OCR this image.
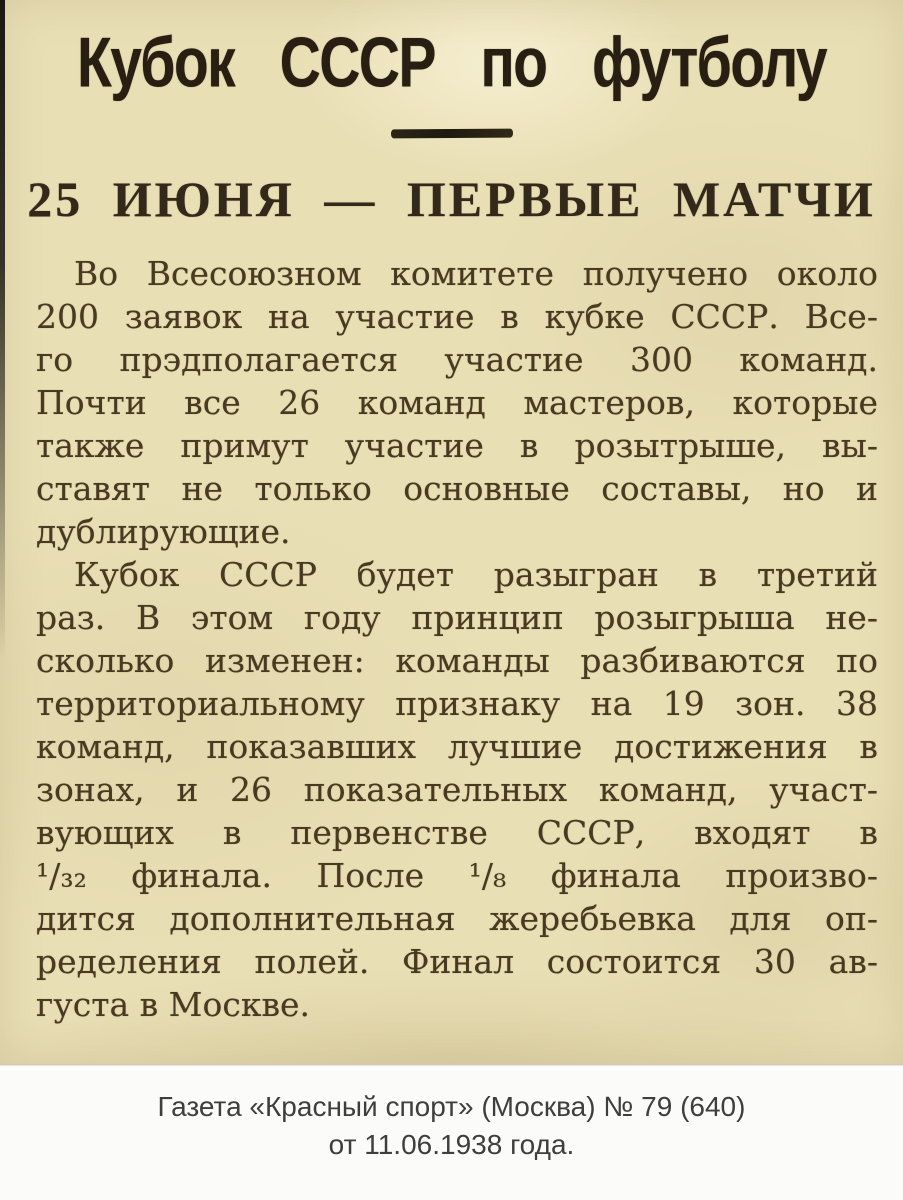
Кубок СССР по футболу
25 ИЮНЯ — ПЕРВЫЕ МАТЧИ
Во Всесоюзном комитете получено около
200 заявок на участие в кубке СССР. Все-
го прэдполагается участие 300 команд.
Почти все 26 команд мастеров, которые
также примут участие в розытрыше, вы-
ставят не только основные составы, но и
дублирующие.
Кубок СССР будет разыгран в третий
раз. В этом году принцип розыгрыша не-
сколько изменен: команды разбиваются по
территориальному признаку на 19 зон. 38
команд, показавших лучшие достижения в
зонах, и 26 показательных команд, участ-
вующих в первенстве СССР, входят в
¹/₃₂ финала. После ¹/₈ финала произво-
дится дополнительная жеребьевка для оп-
ределения полей. Финал состоится 30 ав-
густа в Москве.
Газета «Красный спорт» (Москва) № 79 (640)
от 11.06.1938 года.
